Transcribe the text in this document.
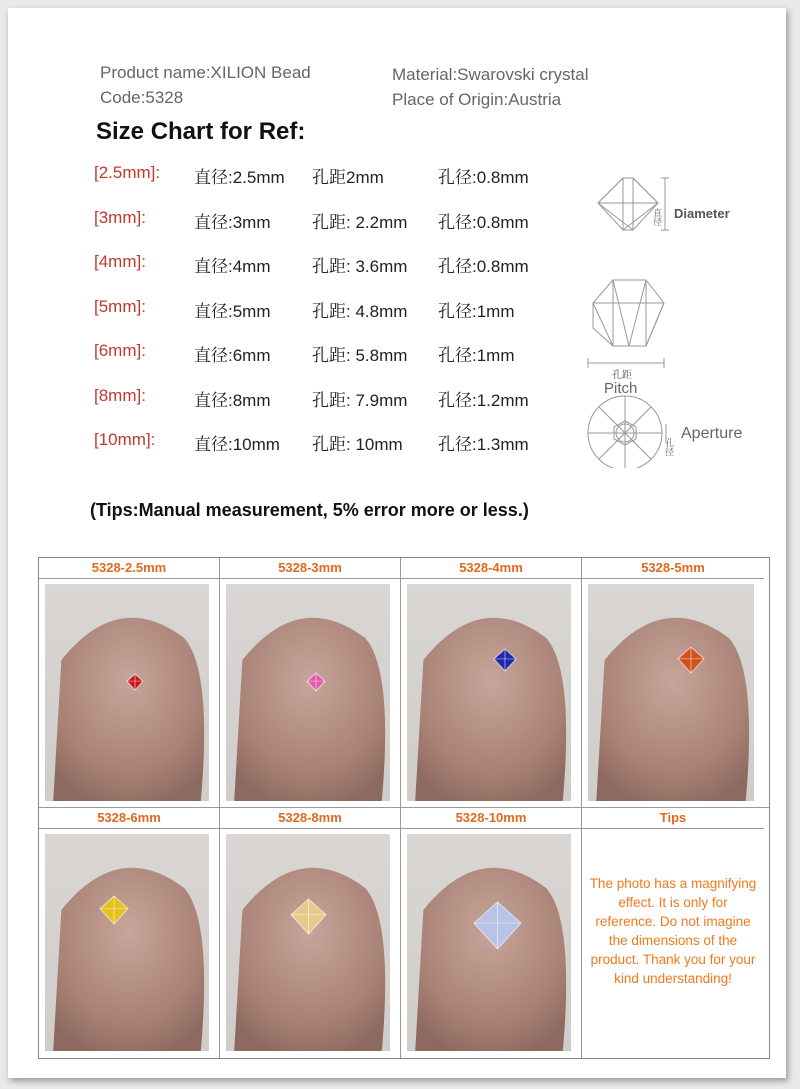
Product name:XILION Bead
Code:5328
Material:Swarovski crystal
Place of Origin:Austria
Size Chart for Ref:
[2.5mm]: 直径:2.5mm 孔距2mm	孔径:0.8mm
[3mm]:	直径:3mm 孔距: 2.2mm 孔径:0.8mm
[4mm]:	直径:4mm 孔距: 3.6mm 孔径:0.8mm
[5mm]:	直径:5mm 孔距: 4.8mm 孔径:1mm
[6mm]:	直径:6mm 孔距: 5.8mm 孔径:1mm
[8mm]:	直径:8mm 孔距: 7.9mm 孔径:1.2mm
[10mm]: 直径:10mm 孔距: 10mm 孔径:1.3mm
直径 Diameter
孔距
Pitch
孔径
Aperture
(Tips:Manual measurement, 5% error more or less.)
5328-2.5mm	5328-3mm	5328-4mm	5328-5mm
5328-6mm	5328-8mm	5328-10mm	Tips
The photo has a magnifying effect. It is only for reference. Do not imagine the dimensions of the product. Thank you for your kind understanding!
